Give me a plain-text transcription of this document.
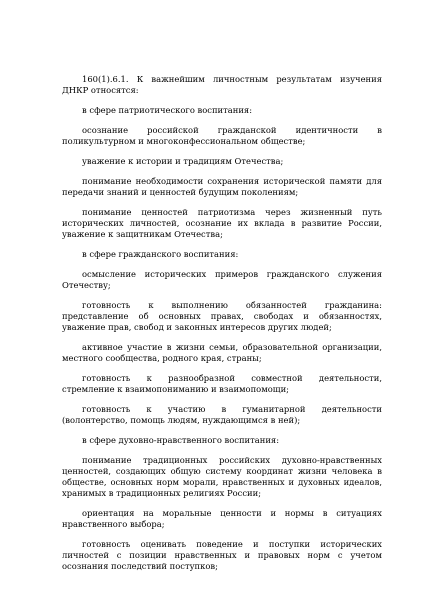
160(1).6.1. К важнейшим личностным результатам изучения ДНКР относятся:

в сфере патриотического воспитания:

осознание российской гражданской идентичности в поликультурном и многоконфессиональном обществе;

уважение к истории и традициям Отечества;

понимание необходимости сохранения исторической памяти для передачи знаний и ценностей будущим поколениям;

понимание ценностей патриотизма через жизненный путь исторических личностей, осознание их вклада в развитие России, уважение к защитникам Отечества;

в сфере гражданского воспитания:

осмысление исторических примеров гражданского служения Отечеству;

готовность к выполнению обязанностей гражданина: представление об основных правах, свободах и обязанностях, уважение прав, свобод и законных интересов других людей;

активное участие в жизни семьи, образовательной организации, местного сообщества, родного края, страны;

готовность к разнообразной совместной деятельности, стремление к взаимопониманию и взаимопомощи;

готовность к участию в гуманитарной деятельности (волонтерство, помощь людям, нуждающимся в ней);

в сфере духовно-нравственного воспитания:

понимание традиционных российских духовно-нравственных ценностей, создающих общую систему координат жизни человека в обществе, основных норм морали, нравственных и духовных идеалов, хранимых в традиционных религиях России;

ориентация на моральные ценности и нормы в ситуациях нравственного выбора;

готовность оценивать поведение и поступки исторических личностей с позиции нравственных и правовых норм с учетом осознания последствий поступков;
